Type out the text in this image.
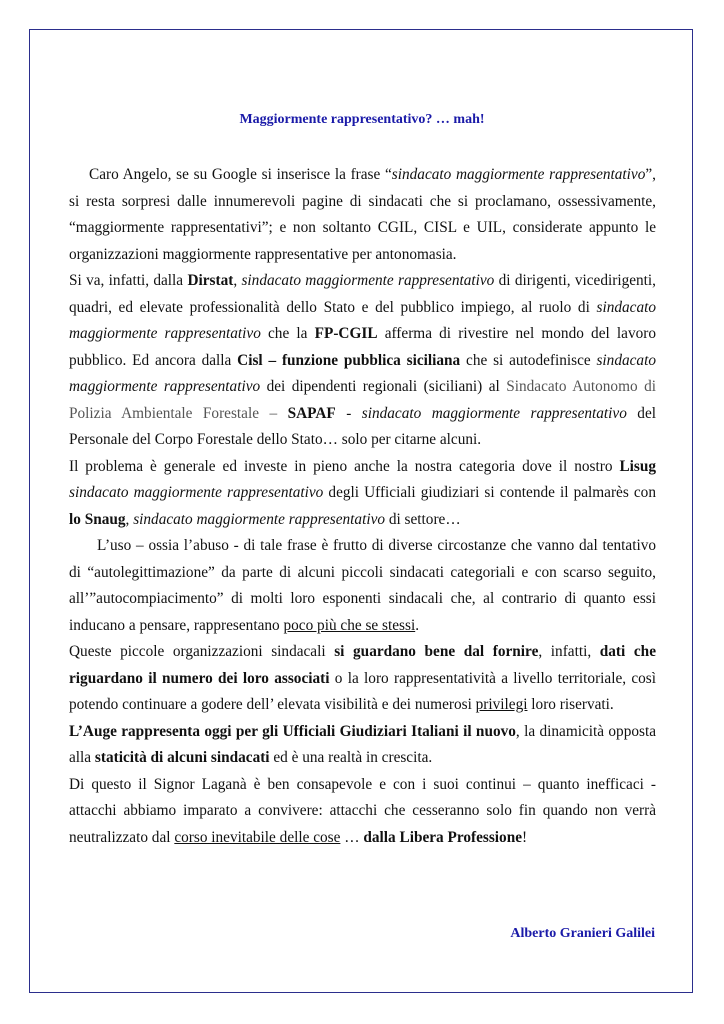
Maggiormente rappresentativo? … mah!

Caro Angelo, se su Google si inserisce la frase “sindacato maggiormente rappresentativo”, si resta sorpresi dalle innumerevoli pagine di sindacati che si proclamano, ossessivamente, “maggiormente rappresentativi”; e non soltanto CGIL, CISL e UIL, considerate appunto le organizzazioni maggiormente rappresentative per antonomasia.

Si va, infatti, dalla Dirstat, sindacato maggiormente rappresentativo di dirigenti, vicedirigenti, quadri, ed elevate professionalità dello Stato e del pubblico impiego, al ruolo di sindacato maggiormente rappresentativo che la FP-CGIL afferma di rivestire nel mondo del lavoro pubblico. Ed ancora dalla Cisl – funzione pubblica siciliana che si autodefinisce sindacato maggiormente rappresentativo dei dipendenti regionali (siciliani) al Sindacato Autonomo di Polizia Ambientale Forestale – SAPAF - sindacato maggiormente rappresentativo del Personale del Corpo Forestale dello Stato… solo per citarne alcuni.

Il problema è generale ed investe in pieno anche la nostra categoria dove il nostro Lisug sindacato maggiormente rappresentativo degli Ufficiali giudiziari si contende il palmarès con lo Snaug, sindacato maggiormente rappresentativo di settore…

L’uso – ossia l’abuso - di tale frase è frutto di diverse circostanze che vanno dal tentativo di “autolegittimazione” da parte di alcuni piccoli sindacati categoriali e con scarso seguito, all’”autocompiacimento” di molti loro esponenti sindacali che, al contrario di quanto essi inducano a pensare, rappresentano poco più che se stessi.

Queste piccole organizzazioni sindacali si guardano bene dal fornire, infatti, dati che riguardano il numero dei loro associati o la loro rappresentatività a livello territoriale, così potendo continuare a godere dell’ elevata visibilità e dei numerosi privilegi loro riservati.

L’Auge rappresenta oggi per gli Ufficiali Giudiziari Italiani il nuovo, la dinamicità opposta alla staticità di alcuni sindacati ed è una realtà in crescita.

Di questo il Signor Laganà è ben consapevole e con i suoi continui – quanto inefficaci - attacchi abbiamo imparato a convivere: attacchi che cesseranno solo fin quando non verrà neutralizzato dal corso inevitabile delle cose … dalla Libera Professione!

Alberto Granieri Galilei
